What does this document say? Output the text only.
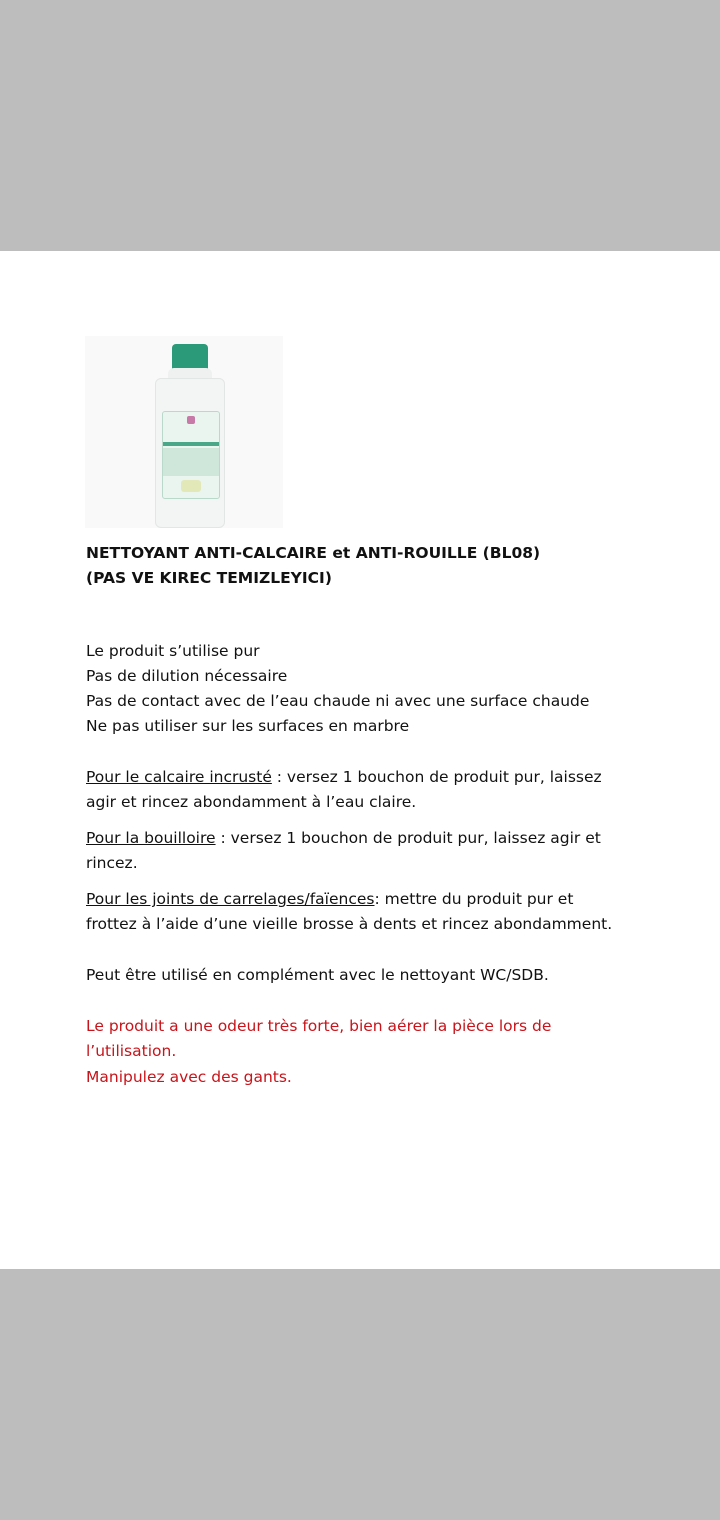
NETTOYANT ANTI-CALCAIRE et ANTI-ROUILLE (BL08)
(PAS VE KIREC TEMIZLEYICI)
Le produit s’utilise pur
Pas de dilution nécessaire
Pas de contact avec de l’eau chaude ni avec une surface chaude
Ne pas utiliser sur les surfaces en marbre
Pour le calcaire incrusté : versez 1 bouchon de produit pur, laissez
agir et rincez abondamment à l’eau claire.
Pour la bouilloire : versez 1 bouchon de produit pur, laissez agir et
rincez.
Pour les joints de carrelages/faïences: mettre du produit pur et
frottez à l’aide d’une vieille brosse à dents et rincez abondamment.
Peut être utilisé en complément avec le nettoyant WC/SDB.
Le produit a une odeur très forte, bien aérer la pièce lors de
l’utilisation.
Manipulez avec des gants.
